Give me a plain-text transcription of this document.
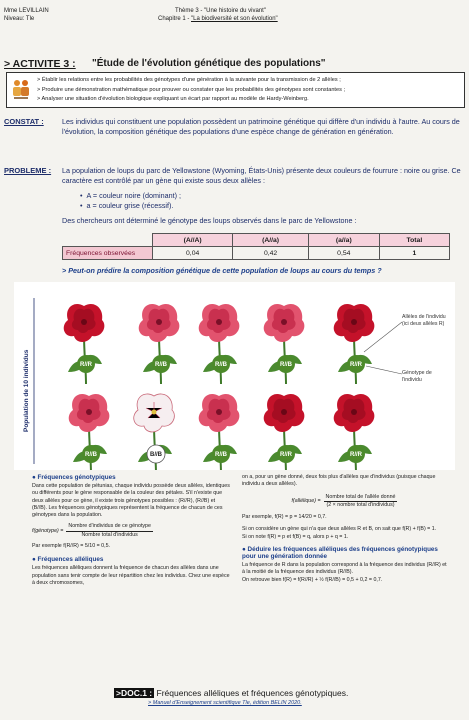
Mme LEVILLAIN
Niveau: Tle
Thème 3 - "Une histoire du vivant"
Chapitre 1 - "La biodiversité et son évolution"
> ACTIVITE 3 : "Étude de l'évolution génétique des populations"
> Établir les relations entre les probabilités des génotypes d'une génération à la suivante pour la transmission de 2 allèles ;
> Produire une démonstration mathématique pour prouver ou constater que les probabilités des génotypes sont constantes ;
> Analyser une situation d'évolution biologique expliquant un écart par rapport au modèle de Hardy-Weinberg.
CONSTAT :	Les individus qui constituent une population possèdent un patrimoine génétique qui diffère d'un individu à l'autre. Au cours de l'évolution, la composition génétique des populations d'une espèce change de génération en génération.
PROBLEME : La population de loups du parc de Yellowstone (Wyoming, États-Unis) présente deux couleurs de fourrure : noire ou grise. Ce caractère est contrôlé par un gène qui existe sous deux allèles :
•  A = couleur noire (dominant) ;
•  a = couleur grise (récessif).
Des chercheurs ont déterminé le génotype des loups observés dans le parc de Yellowstone :
	(A//A)	(A//a)	(a//a)	Total
Fréquences observées	0,04	0,42	0,54	1
> Peut-on prédire la composition génétique de cette population de loups au cours du temps ?
Population de 10 individus	R//R	R//B	R//B	R//B	R//R
R//B	B//B	R//B	R//R	R//R
Allèles de l'individu (ici deux allèles R)
Génotype de l'individu
● Fréquences génotypiques
Dans cette population de pétunias, chaque individu possède deux allèles, identiques ou différents pour le gène responsable de la couleur des pétales. S'il n'existe que deux allèles pour ce gène, il existe trois génotypes possibles : (R//R), (R//B) et (B//B). Les fréquences génotypiques représentent la fréquence de chacun de ces génotypes dans la population.
f(génotype) =
Nombre d'individus de ce génotype
Nombre total d'individus
Par exemple f(R//R) = 5/10 = 0,5.
● Fréquences alléliques
Les fréquences alléliques donnent la fréquence de chacun des allèles dans une population sans tenir compte de leur répartition chez les individus. Chez une espèce à deux chromosomes,
on a, pour un gène donné, deux fois plus d'allèles que d'individus (puisque chaque individu a deux allèles).
f(allélique) =
Nombre total de l'allèle donné
(2 × nombre total d'individus)
Par exemple, f(R) = p = 14/20 = 0,7.
Si on considère un gène qui n'a que deux allèles R et B, on sait que f(R) + f(B) = 1.
Si on note f(R) = p et f(B) = q, alors p + q = 1.
● Déduire les fréquences alléliques des fréquences génotypiques pour une génération donnée
La fréquence de R dans la population correspond à la fréquence des individus (R//R) et à la moitié de la fréquence des individus (R//B).
On retrouve bien f(R) = f(R//R) + ½ f(R//B) = 0,5 + 0,2 = 0,7.
>DOC.1 : Fréquences alléliques et fréquences génotypiques.
> Manuel d'Enseignement scientifique Tle, édition BELIN 2020.
